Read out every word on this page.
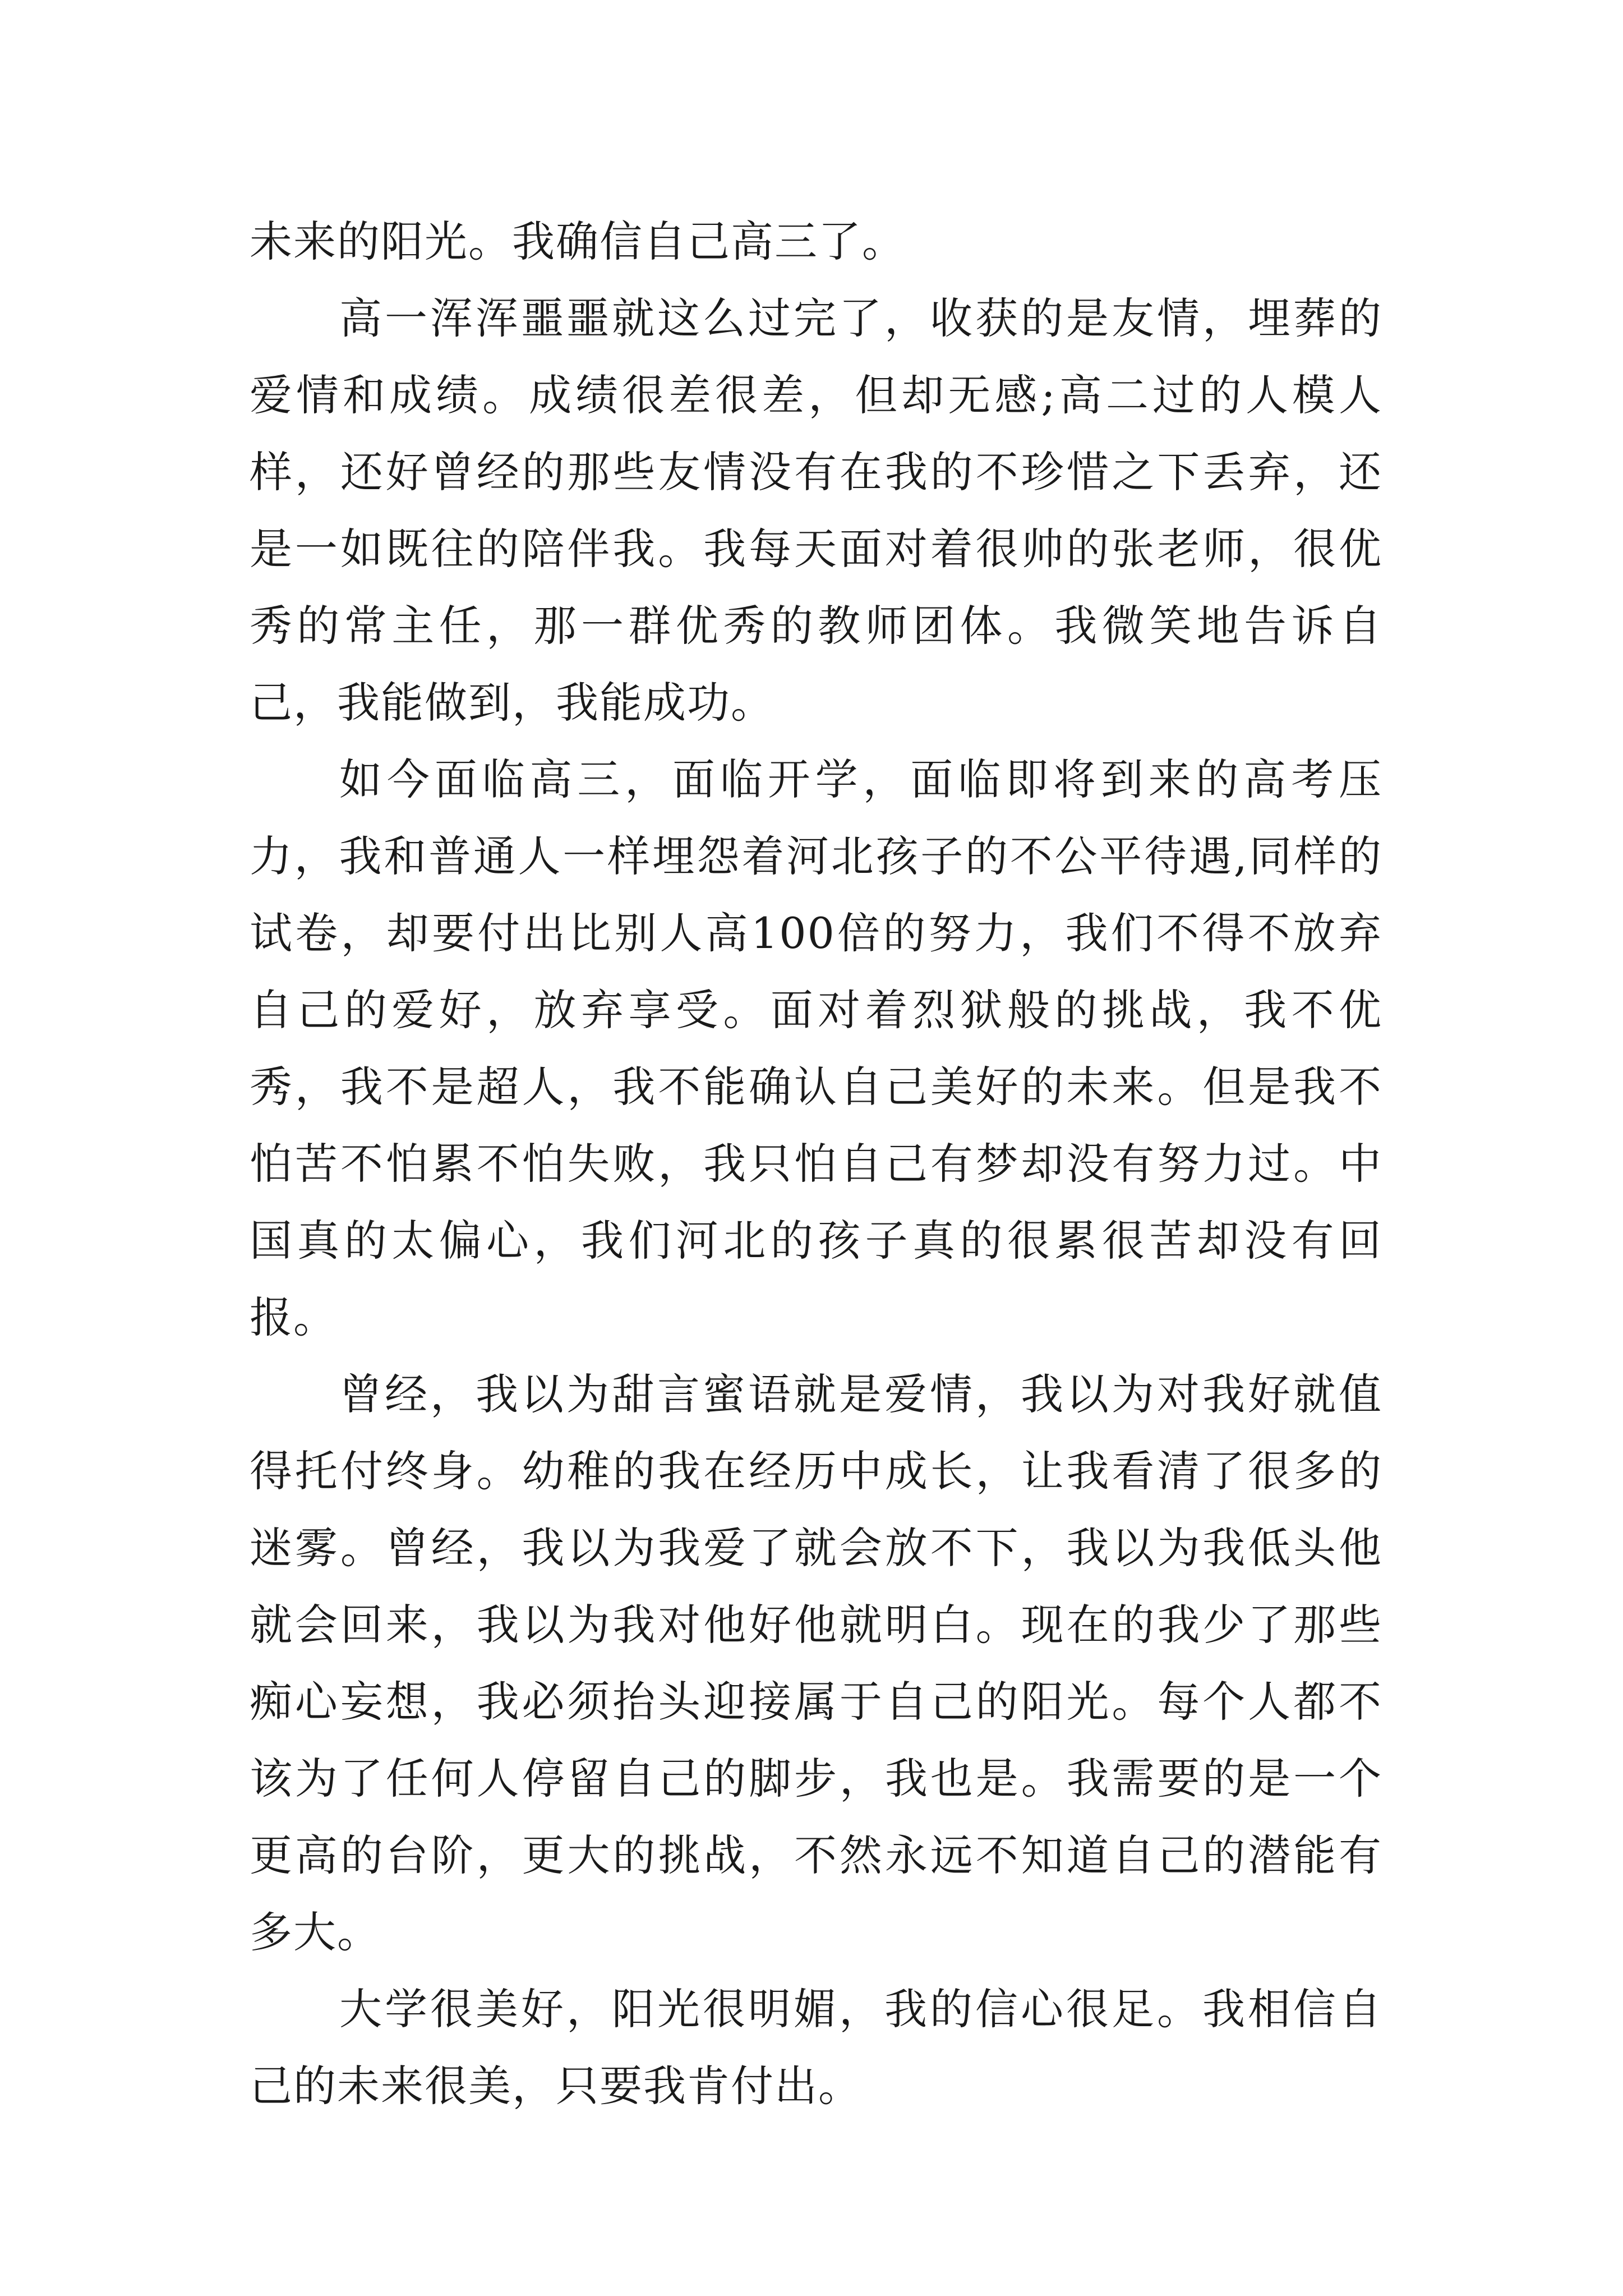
未来的阳光。我确信自己高三了。

高一浑浑噩噩就这么过完了，收获的是友情，埋葬的爱情和成绩。成绩很差很差，但却无感;高二过的人模人样，还好曾经的那些友情没有在我的不珍惜之下丢弃，还是一如既往的陪伴我。我每天面对着很帅的张老师，很优秀的常主任，那一群优秀的教师团体。我微笑地告诉自己，我能做到，我能成功。

如今面临高三，面临开学，面临即将到来的高考压力，我和普通人一样埋怨着河北孩子的不公平待遇,同样的试卷，却要付出比别人高100倍的努力，我们不得不放弃自己的爱好，放弃享受。面对着烈狱般的挑战，我不优秀，我不是超人，我不能确认自己美好的未来。但是我不怕苦不怕累不怕失败，我只怕自己有梦却没有努力过。中国真的太偏心，我们河北的孩子真的很累很苦却没有回报。

曾经，我以为甜言蜜语就是爱情，我以为对我好就值得托付终身。幼稚的我在经历中成长，让我看清了很多的迷雾。曾经，我以为我爱了就会放不下，我以为我低头他就会回来，我以为我对他好他就明白。现在的我少了那些痴心妄想，我必须抬头迎接属于自己的阳光。每个人都不该为了任何人停留自己的脚步，我也是。我需要的是一个更高的台阶，更大的挑战，不然永远不知道自己的潜能有多大。

大学很美好，阳光很明媚，我的信心很足。我相信自己的未来很美，只要我肯付出。
